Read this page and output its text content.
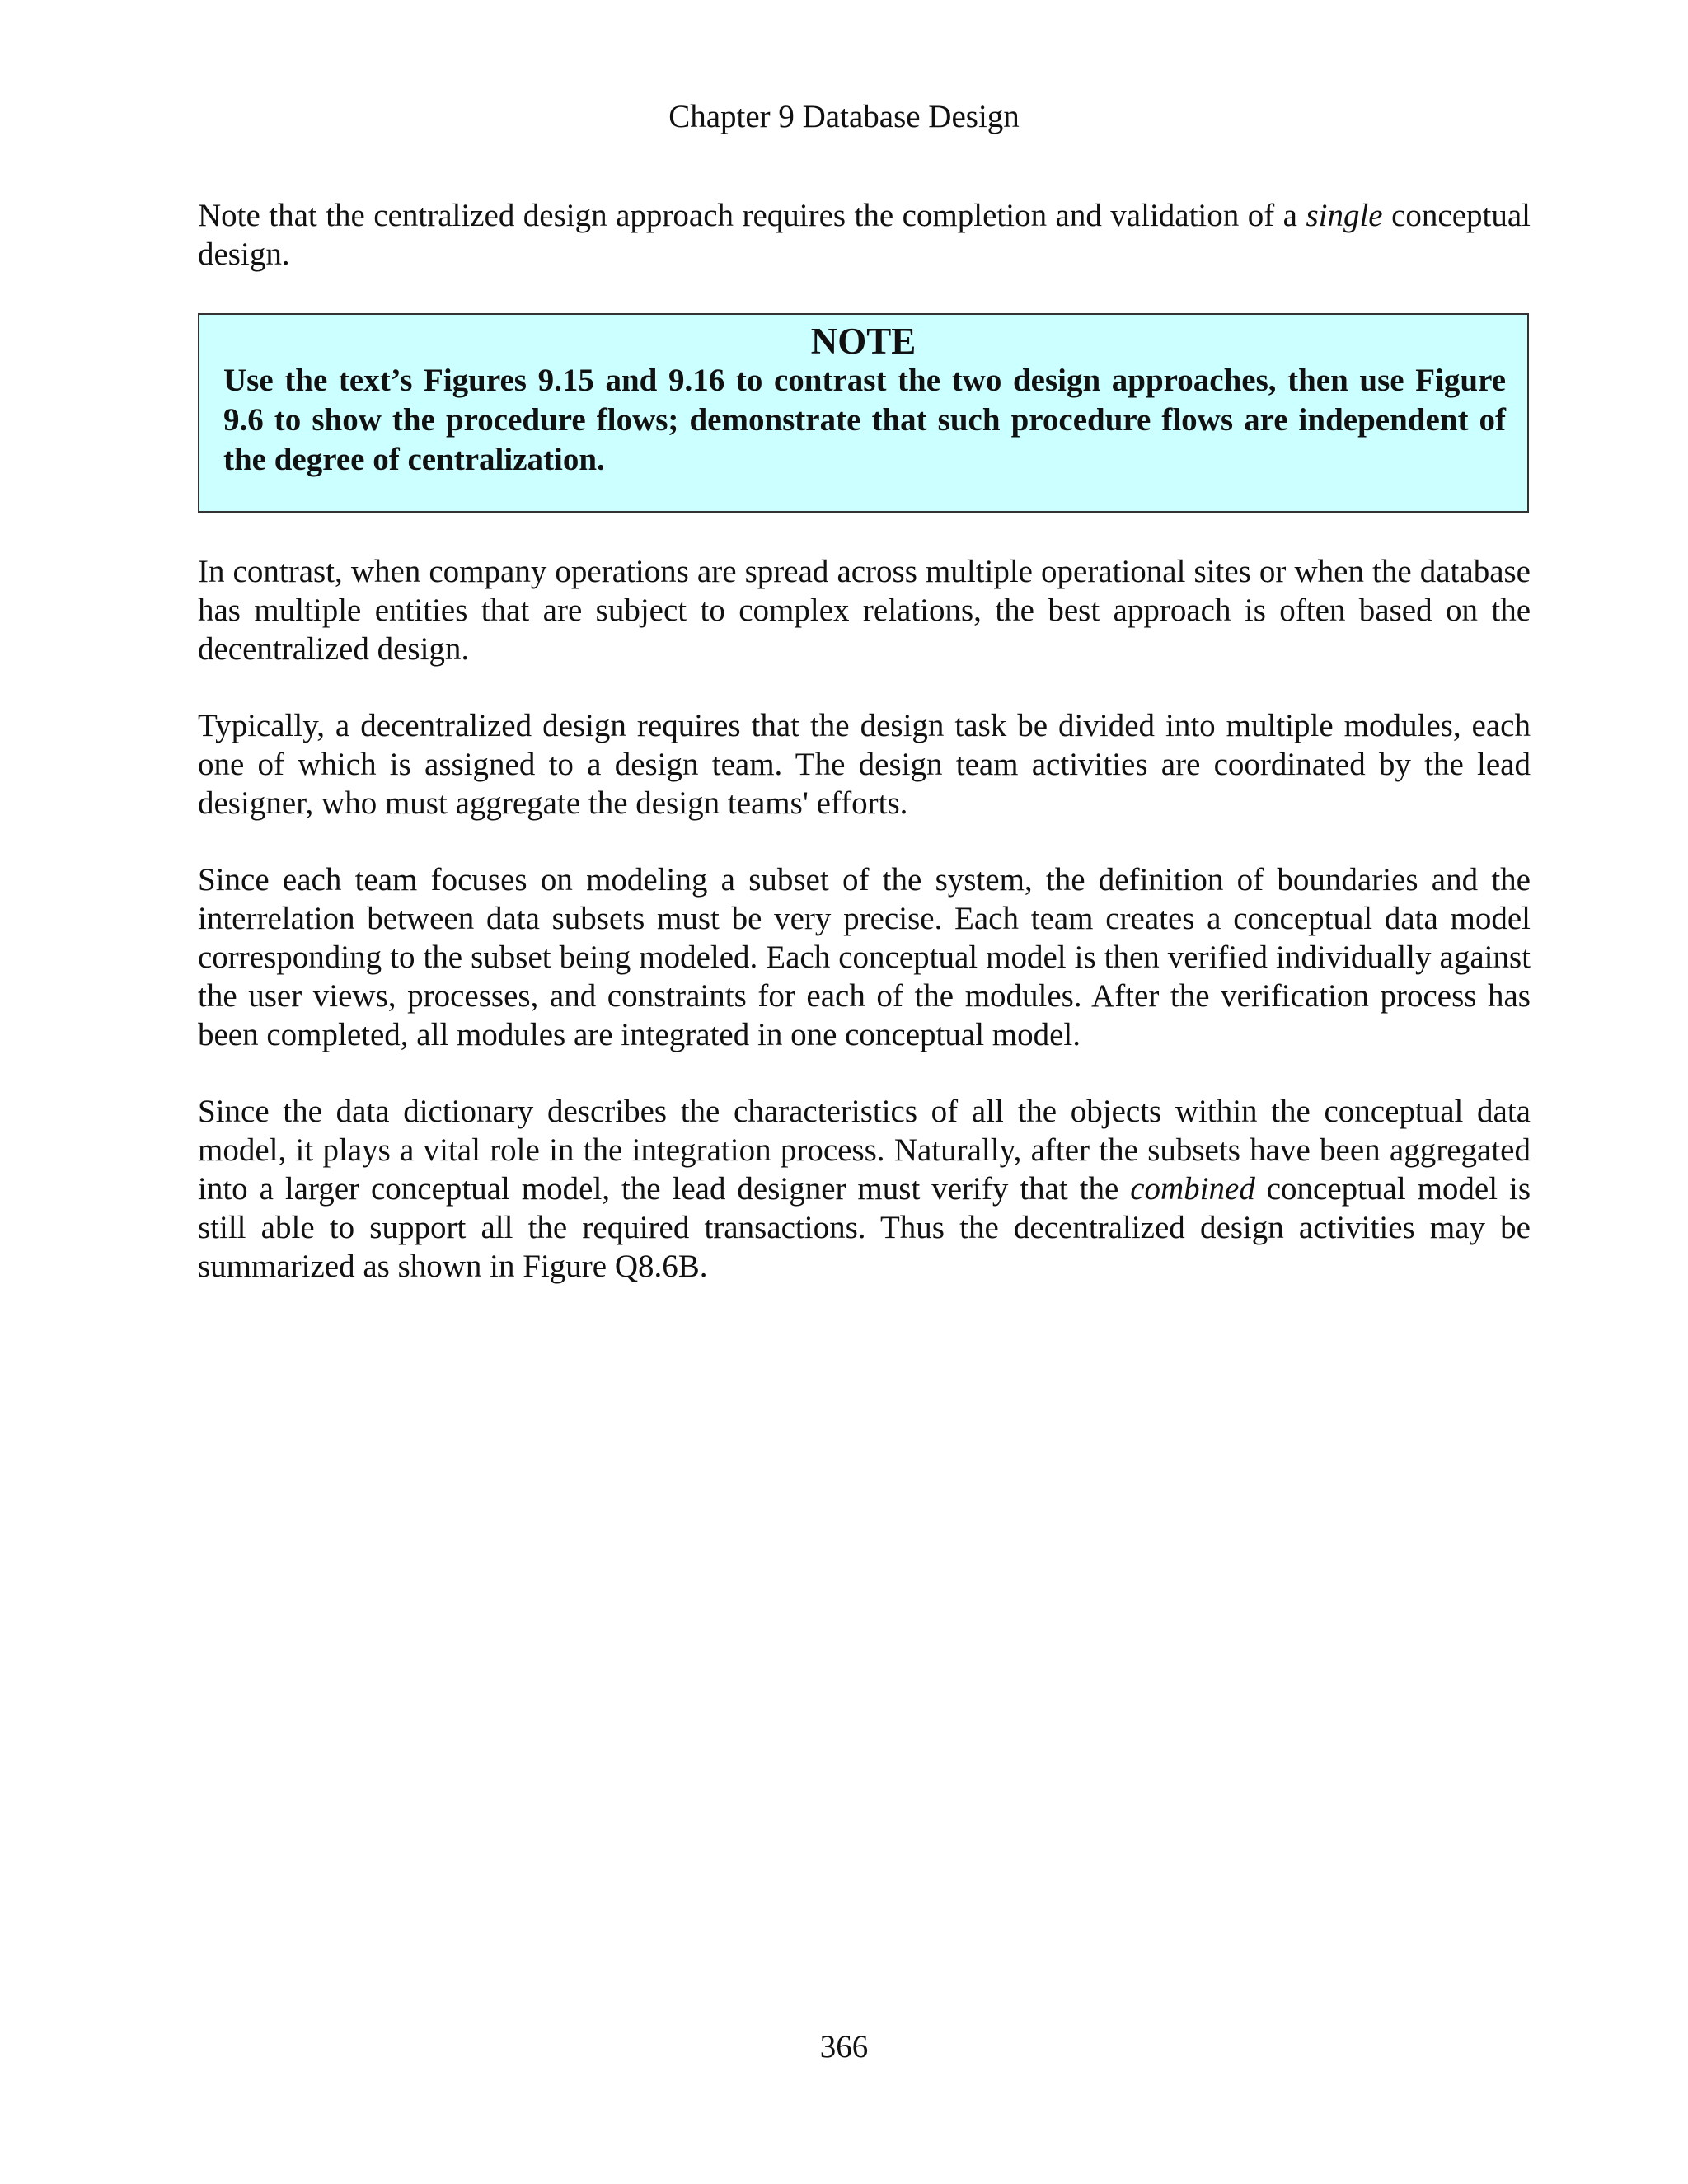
Chapter 9 Database Design

Note that the centralized design approach requires the completion and validation of a single conceptual design.

NOTE

Use the text’s Figures 9.15 and 9.16 to contrast the two design approaches, then use Figure 9.6 to show the procedure flows; demonstrate that such procedure flows are independent of the degree of centralization.

In contrast, when company operations are spread across multiple operational sites or when the database has multiple entities that are subject to complex relations, the best approach is often based on the decentralized design.

Typically, a decentralized design requires that the design task be divided into multiple modules, each one of which is assigned to a design team. The design team activities are coordinated by the lead designer, who must aggregate the design teams' efforts.

Since each team focuses on modeling a subset of the system, the definition of boundaries and the interrelation between data subsets must be very precise. Each team creates a conceptual data model corresponding to the subset being modeled. Each conceptual model is then verified individually against the user views, processes, and constraints for each of the modules. After the verification process has been completed, all modules are integrated in one conceptual model.

Since the data dictionary describes the characteristics of all the objects within the conceptual data model, it plays a vital role in the integration process. Naturally, after the subsets have been aggregated into a larger conceptual model, the lead designer must verify that the combined conceptual model is still able to support all the required transactions. Thus the decentralized design activities may be summarized as shown in Figure Q8.6B.

366
